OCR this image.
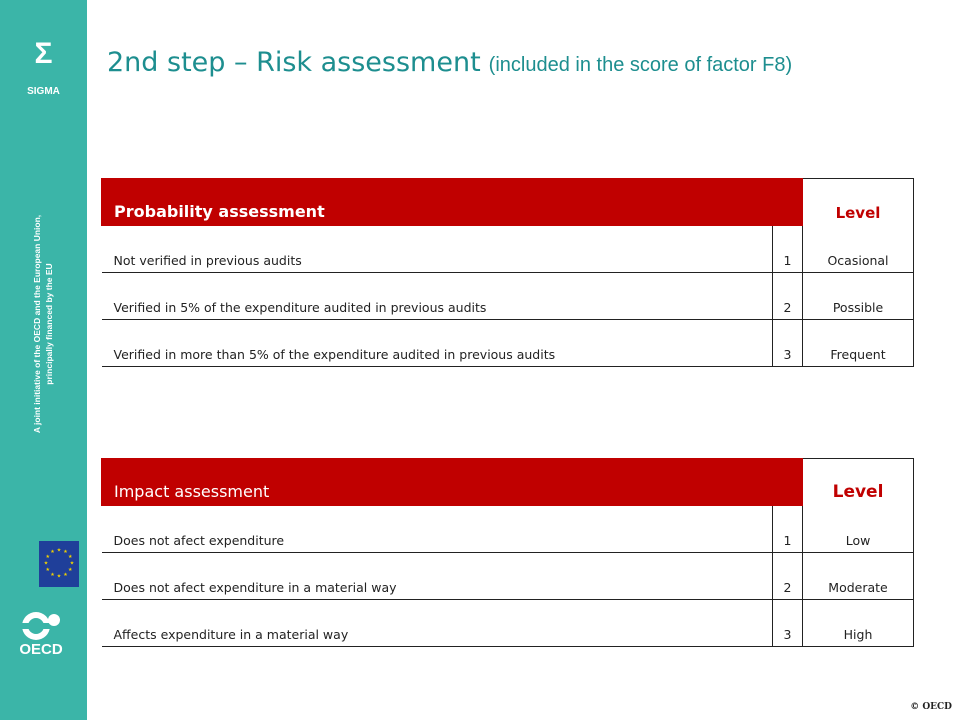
Σ
SIGMA
A joint initiative of the OECD and the European Union, principally financed by the EU
★ ★
★
★
★
★
★
★
★
★
★
★
OECD
2nd step – Risk assessment (included in the score of factor F8)
Probability assessment		Level
Not verified in previous audits	1	Ocasional
Verified in 5% of the expenditure audited in previous audits	2	Possible
Verified in more than 5% of the expenditure audited in previous audits	3	Frequent
Impact assessment		Level
Does not afect expenditure	1	Low
Does not afect expenditure in a material way	2	Moderate
Affects expenditure in a material way	3	High
© OECD
